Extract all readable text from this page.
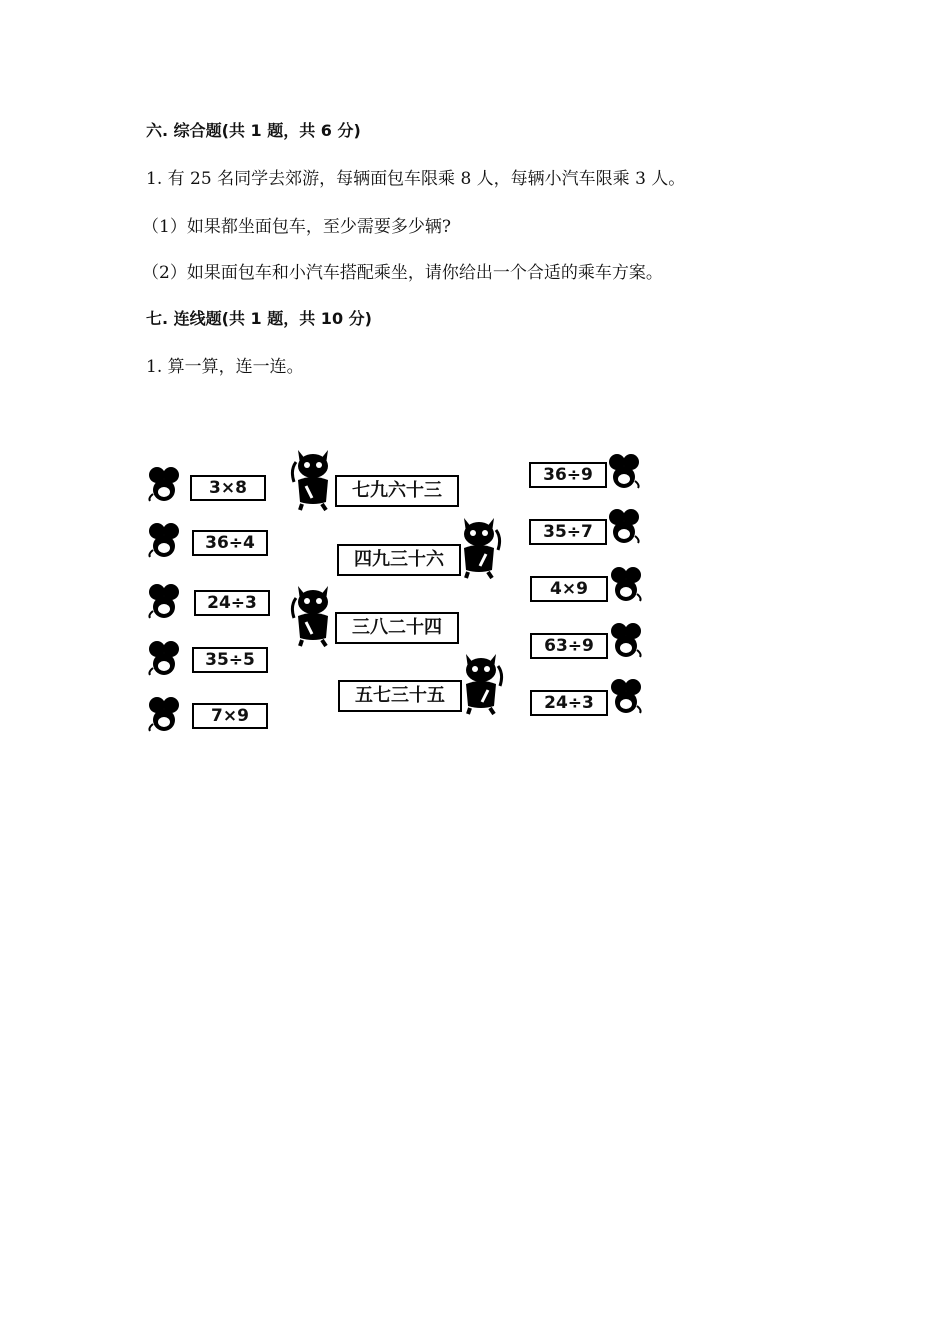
六. 综合题(共 1 题，共 6 分)
1. 有 25 名同学去郊游，每辆面包车限乘 8 人，每辆小汽车限乘 3 人。
（1）如果都坐面包车，至少需要多少辆?
（2）如果面包车和小汽车搭配乘坐，请你给出一个合适的乘车方案。
七. 连线题(共 1 题，共 10 分)
1. 算一算，连一连。
3×8
36÷4
24÷3
35÷5
7×9
七九六十三
四九三十六
三八二十四
五七三十五
36÷9
35÷7
4×9
63÷9
24÷3
